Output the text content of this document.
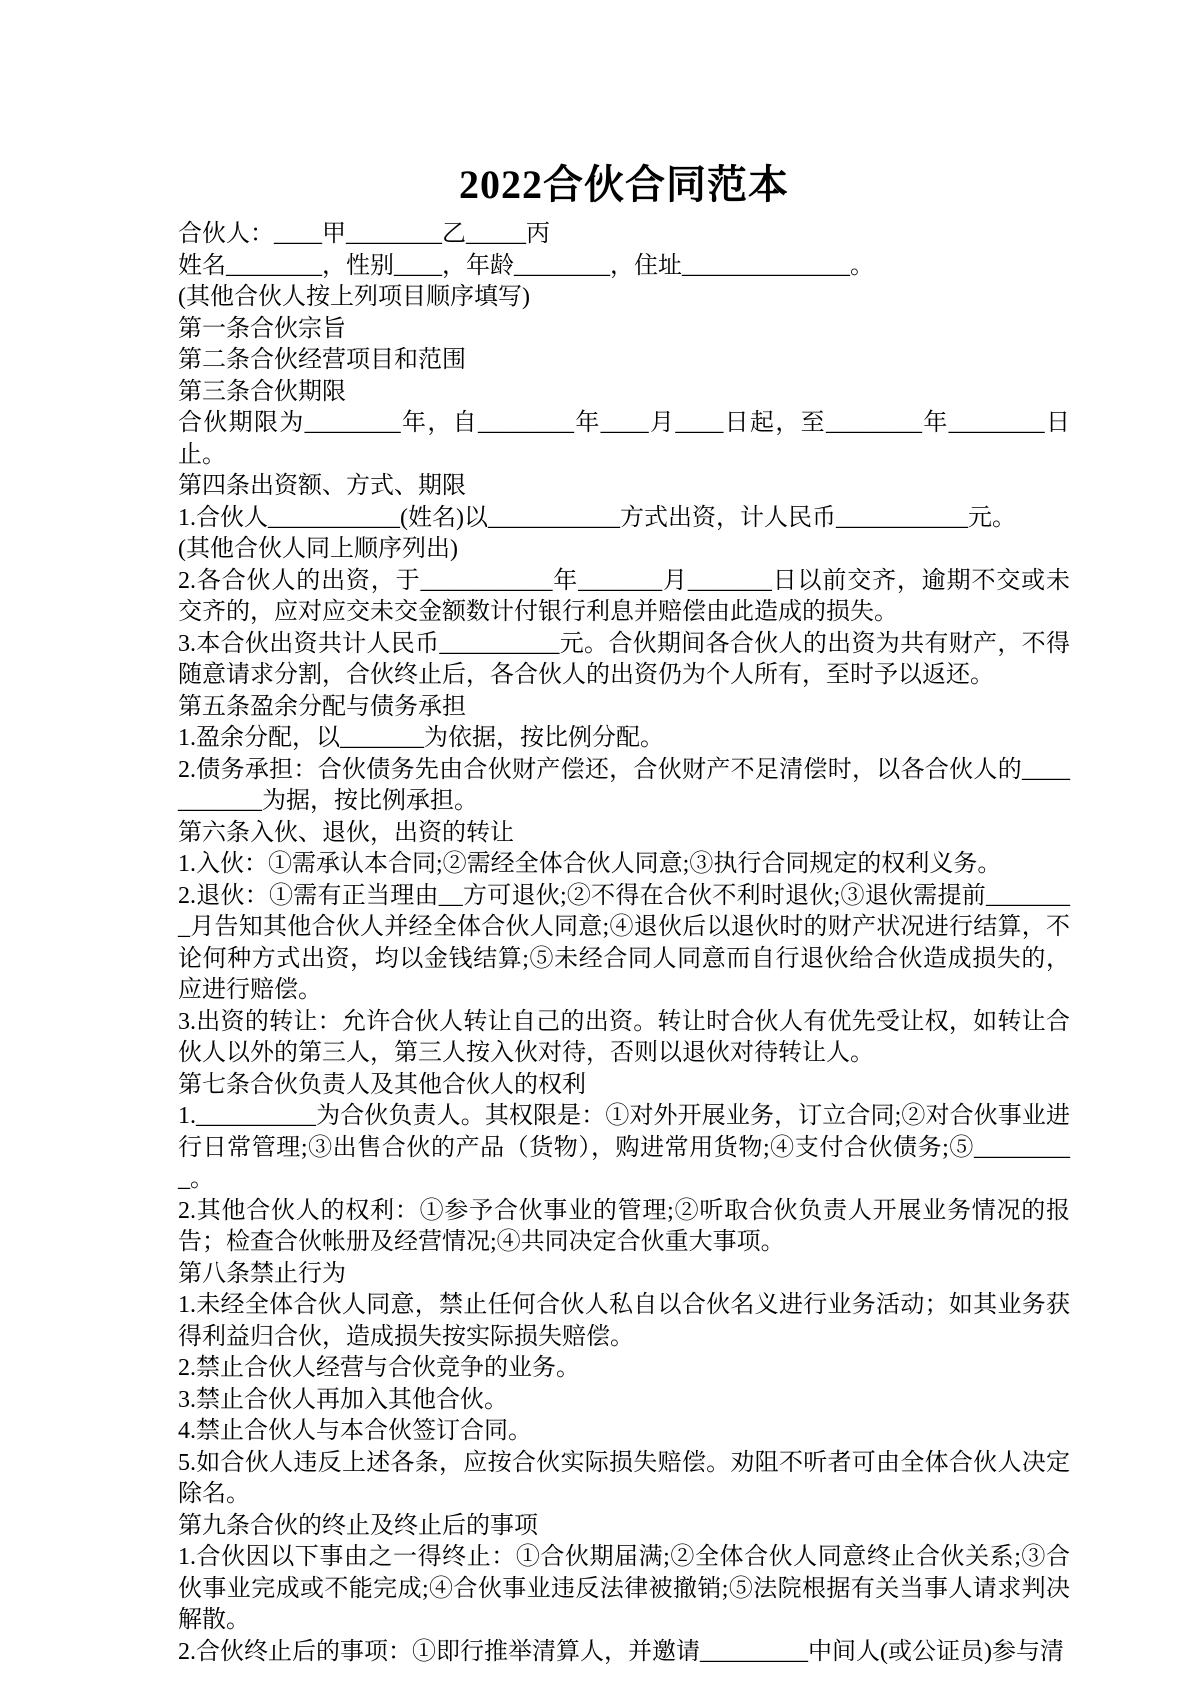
2022合伙合同范本

合伙人：____甲________乙_____丙

姓名________，性别____，年龄________，住址______________。

(其他合伙人按上列项目顺序填写)

第一条合伙宗旨

第二条合伙经营项目和范围

第三条合伙期限

合伙期限为________年，自________年____月____日起，至________年________日止。

第四条出资额、方式、期限

1.合伙人___________(姓名)以___________方式出资，计人民币___________元。

(其他合伙人同上顺序列出)

2.各合伙人的出资，于___________年_______月_______日以前交齐，逾期不交或未交齐的，应对应交未交金额数计付银行利息并赔偿由此造成的损失。

3.本合伙出资共计人民币__________元。合伙期间各合伙人的出资为共有财产，不得随意请求分割，合伙终止后，各合伙人的出资仍为个人所有，至时予以返还。

第五条盈余分配与债务承担

1.盈余分配，以_______为依据，按比例分配。

2.债务承担：合伙债务先由合伙财产偿还，合伙财产不足清偿时，以各合伙人的___________为据，按比例承担。

第六条入伙、退伙，出资的转让

1.入伙：①需承认本合同;②需经全体合伙人同意;③执行合同规定的权利义务。

2.退伙：①需有正当理由__方可退伙;②不得在合伙不利时退伙;③退伙需提前________月告知其他合伙人并经全体合伙人同意;④退伙后以退伙时的财产状况进行结算，不论何种方式出资，均以金钱结算;⑤未经合同人同意而自行退伙给合伙造成损失的，应进行赔偿。

3.出资的转让：允许合伙人转让自己的出资。转让时合伙人有优先受让权，如转让合伙人以外的第三人，第三人按入伙对待，否则以退伙对待转让人。

第七条合伙负责人及其他合伙人的权利

1.__________为合伙负责人。其权限是：①对外开展业务，订立合同;②对合伙事业进行日常管理;③出售合伙的产品（货物），购进常用货物;④支付合伙债务;⑤_________。

2.其他合伙人的权利：①参予合伙事业的管理;②听取合伙负责人开展业务情况的报告；检查合伙帐册及经营情况;④共同决定合伙重大事项。

第八条禁止行为

1.未经全体合伙人同意，禁止任何合伙人私自以合伙名义进行业务活动；如其业务获得利益归合伙，造成损失按实际损失赔偿。

2.禁止合伙人经营与合伙竞争的业务。

3.禁止合伙人再加入其他合伙。

4.禁止合伙人与本合伙签订合同。

5.如合伙人违反上述各条，应按合伙实际损失赔偿。劝阻不听者可由全体合伙人决定除名。

第九条合伙的终止及终止后的事项

1.合伙因以下事由之一得终止：①合伙期届满;②全体合伙人同意终止合伙关系;③合伙事业完成或不能完成;④合伙事业违反法律被撤销;⑤法院根据有关当事人请求判决解散。

2.合伙终止后的事项：①即行推举清算人，并邀请_________中间人(或公证员)参与清
